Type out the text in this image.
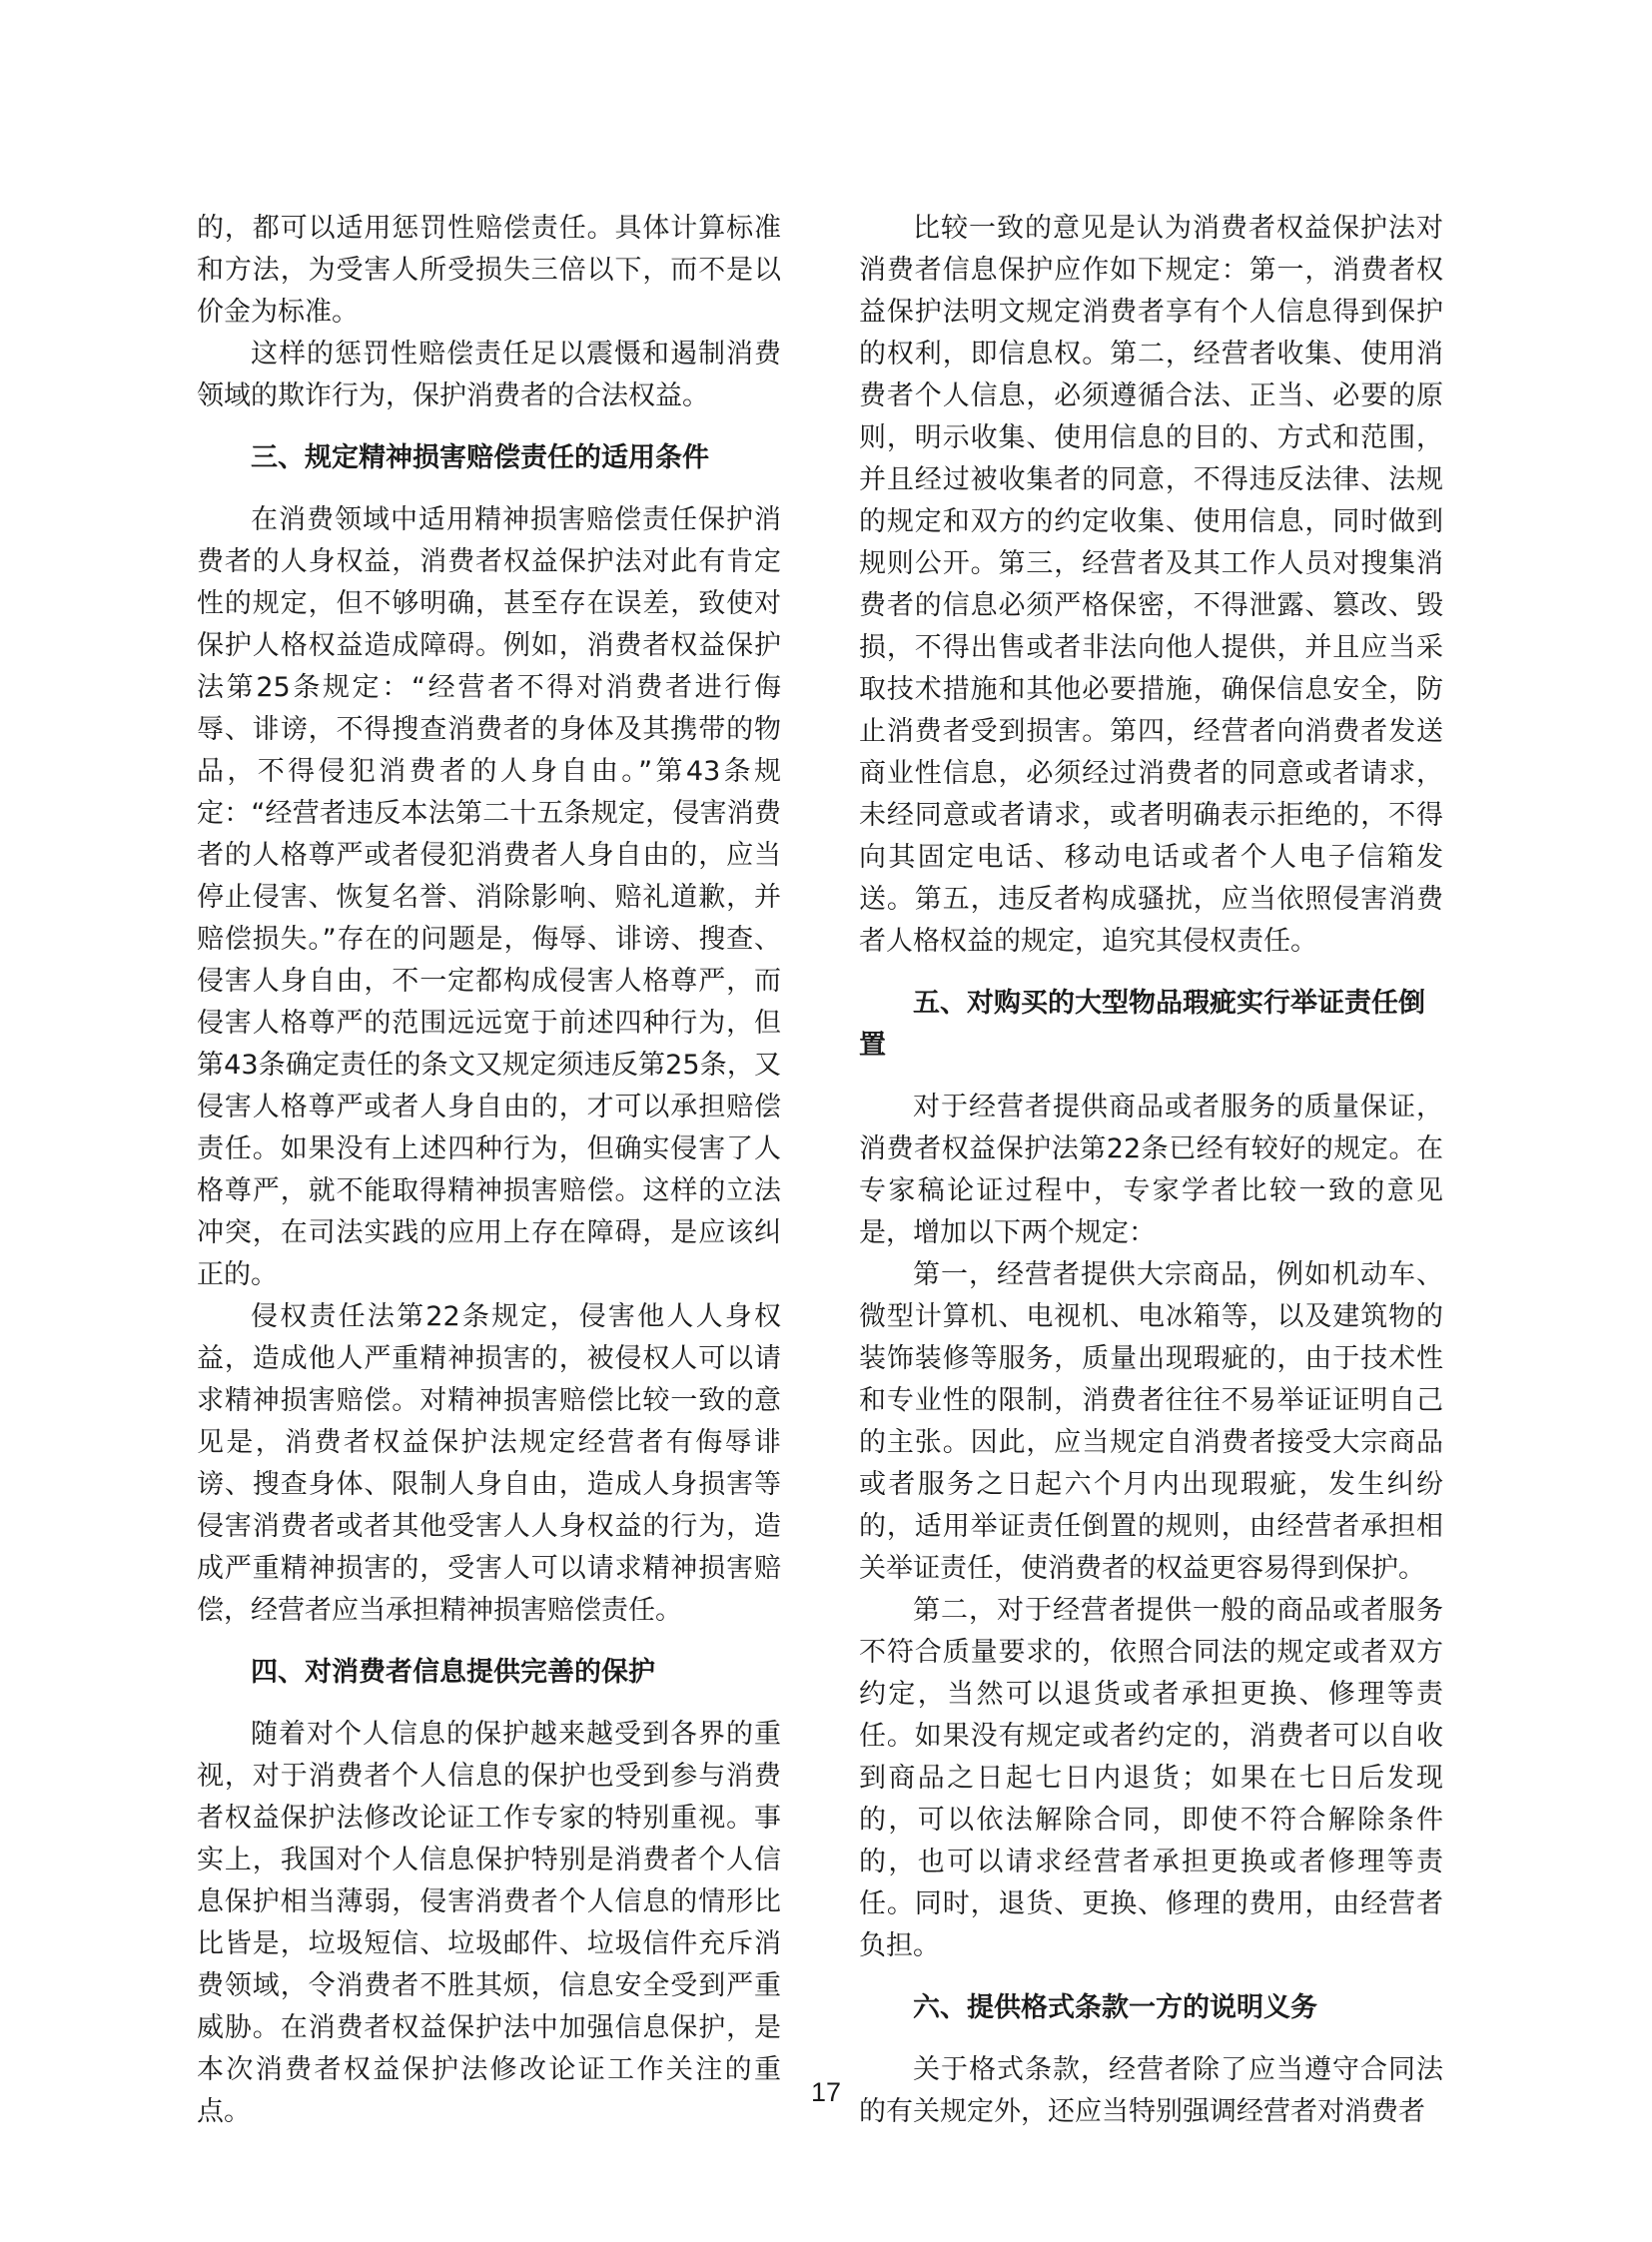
的，都可以适用惩罚性赔偿责任。具体计算标准和方法，为受害人所受损失三倍以下，而不是以价金为标准。

这样的惩罚性赔偿责任足以震慑和遏制消费领域的欺诈行为，保护消费者的合法权益。

三、规定精神损害赔偿责任的适用条件

在消费领域中适用精神损害赔偿责任保护消费者的人身权益，消费者权益保护法对此有肯定性的规定，但不够明确，甚至存在误差，致使对保护人格权益造成障碍。例如，消费者权益保护法第25条规定：“经营者不得对消费者进行侮辱、诽谤，不得搜查消费者的身体及其携带的物品，不得侵犯消费者的人身自由。”第43条规定：“经营者违反本法第二十五条规定，侵害消费者的人格尊严或者侵犯消费者人身自由的，应当停止侵害、恢复名誉、消除影响、赔礼道歉，并赔偿损失。”存在的问题是，侮辱、诽谤、搜查、侵害人身自由，不一定都构成侵害人格尊严，而侵害人格尊严的范围远远宽于前述四种行为，但第43条确定责任的条文又规定须违反第25条，又侵害人格尊严或者人身自由的，才可以承担赔偿责任。如果没有上述四种行为，但确实侵害了人格尊严，就不能取得精神损害赔偿。这样的立法冲突，在司法实践的应用上存在障碍，是应该纠正的。

侵权责任法第22条规定，侵害他人人身权益，造成他人严重精神损害的，被侵权人可以请求精神损害赔偿。对精神损害赔偿比较一致的意见是，消费者权益保护法规定经营者有侮辱诽谤、搜查身体、限制人身自由，造成人身损害等侵害消费者或者其他受害人人身权益的行为，造成严重精神损害的，受害人可以请求精神损害赔偿，经营者应当承担精神损害赔偿责任。

四、对消费者信息提供完善的保护

随着对个人信息的保护越来越受到各界的重视，对于消费者个人信息的保护也受到参与消费者权益保护法修改论证工作专家的特别重视。事实上，我国对个人信息保护特别是消费者个人信息保护相当薄弱，侵害消费者个人信息的情形比比皆是，垃圾短信、垃圾邮件、垃圾信件充斥消费领域，令消费者不胜其烦，信息安全受到严重威胁。在消费者权益保护法中加强信息保护，是本次消费者权益保护法修改论证工作关注的重点。

比较一致的意见是认为消费者权益保护法对消费者信息保护应作如下规定：第一，消费者权益保护法明文规定消费者享有个人信息得到保护的权利，即信息权。第二，经营者收集、使用消费者个人信息，必须遵循合法、正当、必要的原则，明示收集、使用信息的目的、方式和范围，并且经过被收集者的同意，不得违反法律、法规的规定和双方的约定收集、使用信息，同时做到规则公开。第三，经营者及其工作人员对搜集消费者的信息必须严格保密，不得泄露、篡改、毁损，不得出售或者非法向他人提供，并且应当采取技术措施和其他必要措施，确保信息安全，防止消费者受到损害。第四，经营者向消费者发送商业性信息，必须经过消费者的同意或者请求，未经同意或者请求，或者明确表示拒绝的，不得向其固定电话、移动电话或者个人电子信箱发送。第五，违反者构成骚扰，应当依照侵害消费者人格权益的规定，追究其侵权责任。

五、对购买的大型物品瑕疵实行举证责任倒置

对于经营者提供商品或者服务的质量保证，消费者权益保护法第22条已经有较好的规定。在专家稿论证过程中，专家学者比较一致的意见是，增加以下两个规定：

第一，经营者提供大宗商品，例如机动车、微型计算机、电视机、电冰箱等，以及建筑物的装饰装修等服务，质量出现瑕疵的，由于技术性和专业性的限制，消费者往往不易举证证明自己的主张。因此，应当规定自消费者接受大宗商品或者服务之日起六个月内出现瑕疵，发生纠纷的，适用举证责任倒置的规则，由经营者承担相关举证责任，使消费者的权益更容易得到保护。

第二，对于经营者提供一般的商品或者服务不符合质量要求的，依照合同法的规定或者双方约定，当然可以退货或者承担更换、修理等责任。如果没有规定或者约定的，消费者可以自收到商品之日起七日内退货；如果在七日后发现的，可以依法解除合同，即使不符合解除条件的，也可以请求经营者承担更换或者修理等责任。同时，退货、更换、修理的费用，由经营者负担。

六、提供格式条款一方的说明义务

关于格式条款，经营者除了应当遵守合同法的有关规定外，还应当特别强调经营者对消费者

17
